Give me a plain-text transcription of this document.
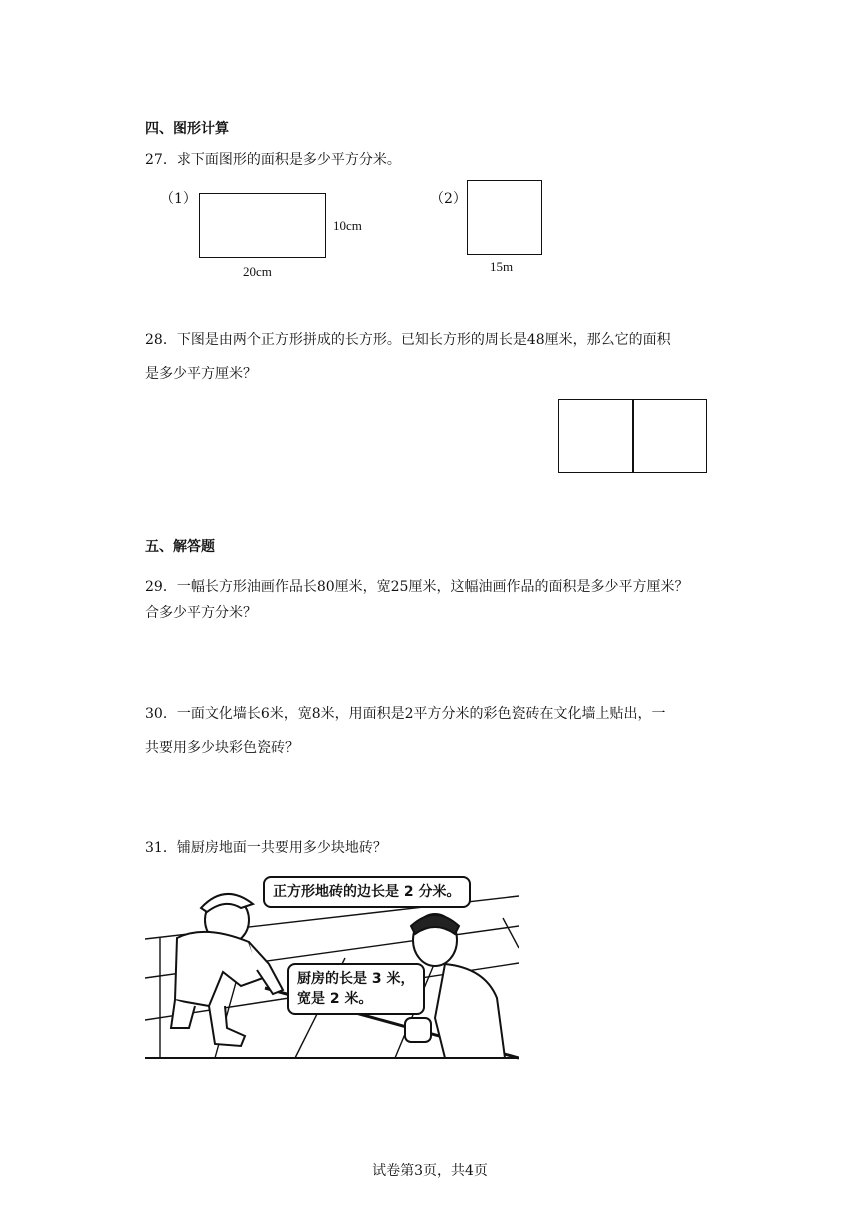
四、图形计算
27．求下面图形的面积是多少平方分米。
（1）
10cm
20cm
（2）
15m
28．下图是由两个正方形拼成的长方形。已知长方形的周长是48厘米，那么它的面积
是多少平方厘米？
五、解答题
29．一幅长方形油画作品长80厘米，宽25厘米，这幅油画作品的面积是多少平方厘米？
合多少平方分米？
30．一面文化墙长6米，宽8米，用面积是2平方分米的彩色瓷砖在文化墙上贴出，一
共要用多少块彩色瓷砖？
31．铺厨房地面一共要用多少块地砖？
正方形地砖的边长是 2 分米。
厨房的长是 3 米，
宽是 2 米。
试卷第3页，共4页
